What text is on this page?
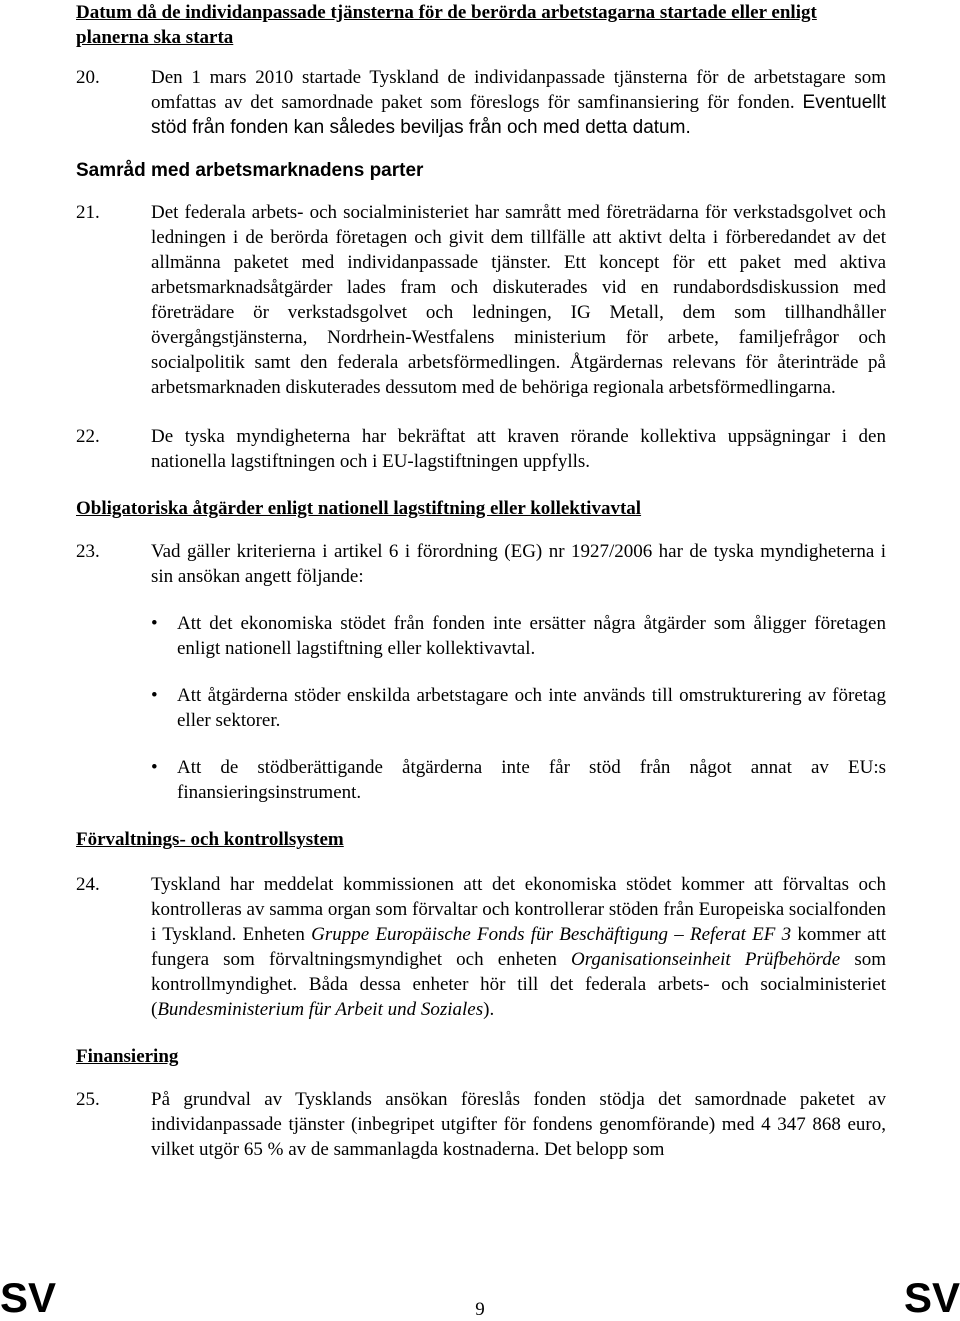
Datum då de individanpassade tjänsterna för de berörda arbetstagarna startade eller enligt planerna ska starta

20.	Den 1 mars 2010 startade Tyskland de individanpassade tjänsterna för de arbetstagare som omfattas av det samordnade paket som föreslogs för samfinansiering för fonden. Eventuellt stöd från fonden kan således beviljas från och med detta datum.

Samråd med arbetsmarknadens parter

21.	Det federala arbets- och socialministeriet har samrått med företrädarna för verkstadsgolvet och ledningen i de berörda företagen och givit dem tillfälle att aktivt delta i förberedandet av det allmänna paketet med individanpassade tjänster. Ett koncept för ett paket med aktiva arbetsmarknadsåtgärder lades fram och diskuterades vid en rundabordsdiskussion med företrädare ör verkstadsgolvet och ledningen, IG Metall, dem som tillhandhåller övergångstjänsterna, Nordrhein-Westfalens ministerium för arbete, familjefrågor och socialpolitik samt den federala arbetsförmedlingen. Åtgärdernas relevans för återinträde på arbetsmarknaden diskuterades dessutom med de behöriga regionala arbetsförmedlingarna.
22.	De tyska myndigheterna har bekräftat att kraven rörande kollektiva uppsägningar i den nationella lagstiftningen och i EU-lagstiftningen uppfylls.

Obligatoriska åtgärder enligt nationell lagstiftning eller kollektivavtal

23.	Vad gäller kriterierna i artikel 6 i förordning (EG) nr 1927/2006 har de tyska myndigheterna i sin ansökan angett följande:
•	Att det ekonomiska stödet från fonden inte ersätter några åtgärder som åligger företagen enligt nationell lagstiftning eller kollektivavtal.
•	Att åtgärderna stöder enskilda arbetstagare och inte används till omstrukturering av företag eller sektorer.
•	Att de stödberättigande åtgärderna inte får stöd från något annat av EU:s finansieringsinstrument.

Förvaltnings- och kontrollsystem

24.	Tyskland har meddelat kommissionen att det ekonomiska stödet kommer att förvaltas och kontrolleras av samma organ som förvaltar och kontrollerar stöden från Europeiska socialfonden i Tyskland. Enheten Gruppe Europäische Fonds für Beschäftigung – Referat EF 3 kommer att fungera som förvaltningsmyndighet och enheten Organisationseinheit Prüfbehörde som kontrollmyndighet. Båda dessa enheter hör till det federala arbets- och socialministeriet (Bundesministerium für Arbeit und Soziales).

Finansiering

25.	På grundval av Tysklands ansökan föreslås fonden stödja det samordnade paketet av individanpassade tjänster (inbegripet utgifter för fondens genomförande) med 4 347 868 euro, vilket utgör 65 % av de sammanlagda kostnaderna. Det belopp som
SV	9	SV
